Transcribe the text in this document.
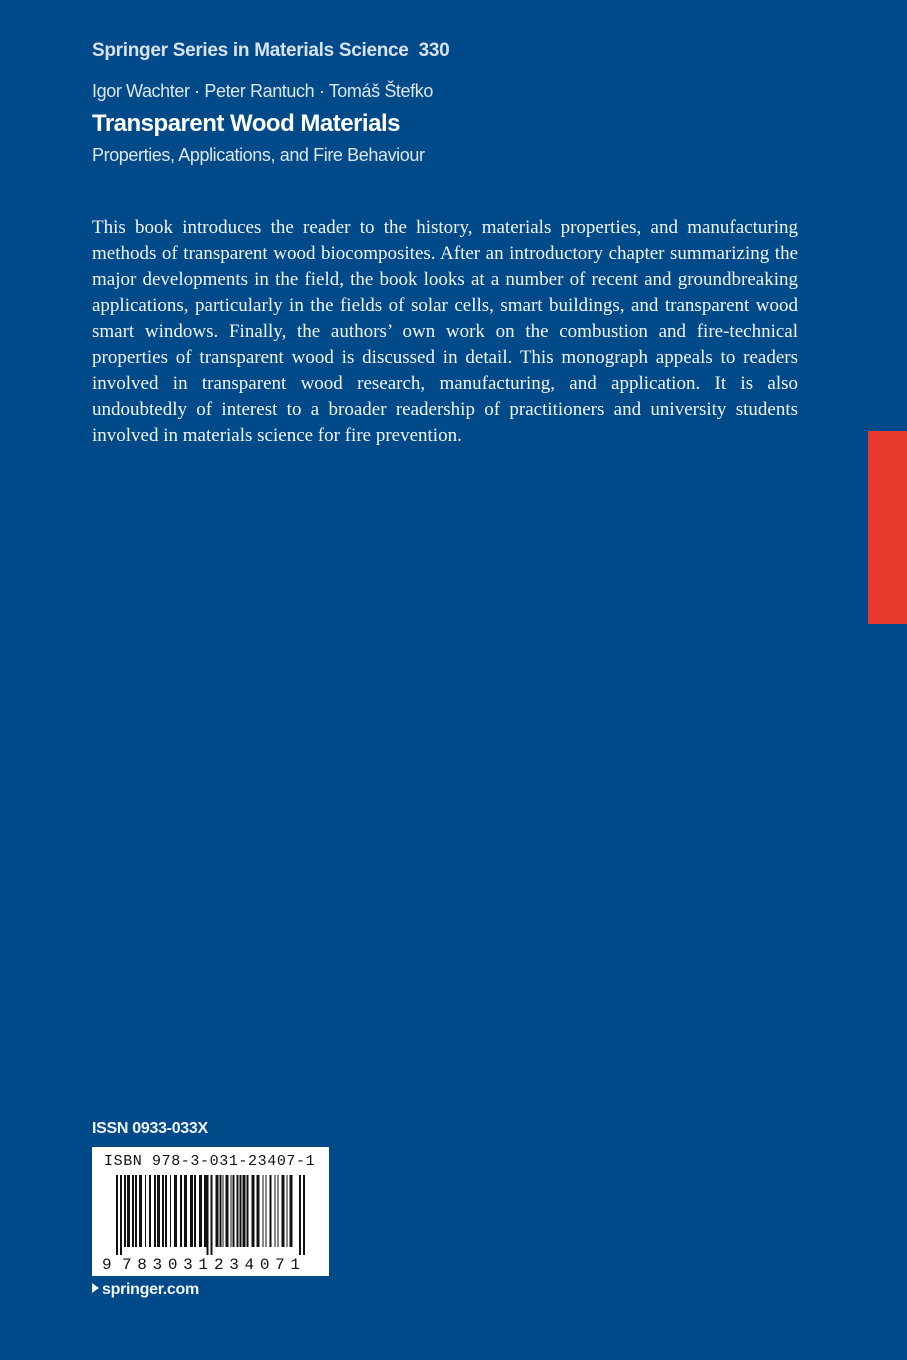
Springer Series in Materials Science 330
Igor Wachter · Peter Rantuch · Tomáš Štefko
Transparent Wood Materials
Properties, Applications, and Fire Behaviour
This book introduces the reader to the history, materials properties, and manufacturing methods of transparent wood biocomposites. After an introductory chapter summarizing the major developments in the field, the book looks at a number of recent and groundbreaking applications, particularly in the fields of solar cells, smart buildings, and transparent wood smart windows. Finally, the authors’ own work on the combustion and fire-technical properties of transparent wood is discussed in detail. This monograph appeals to readers involved in transparent wood research, manufacturing, and application. It is also undoubtedly of interest to a broader readership of practitioners and university students involved in materials science for fire prevention.
ISSN 0933-033X
9 783031 234071
ISBN 978-3-031-23407-1
springer.com
